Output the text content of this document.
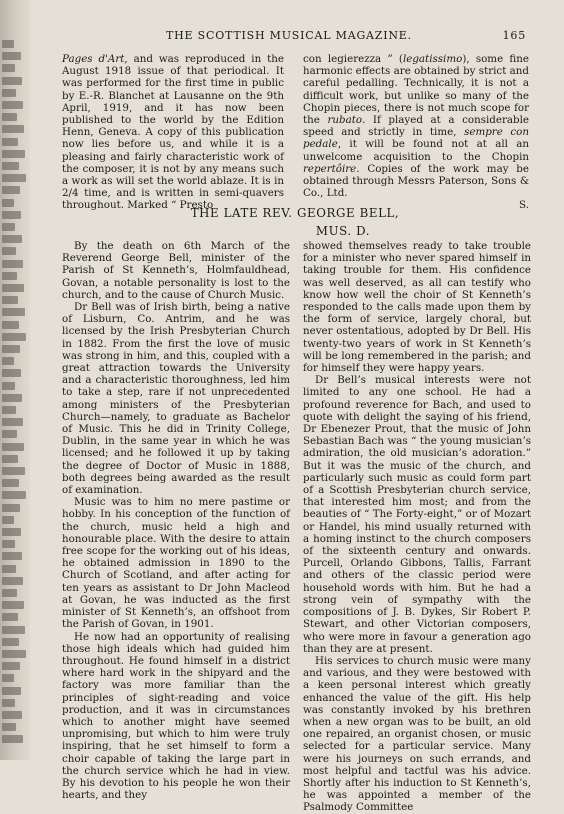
THE SCOTTISH MUSICAL MAGAZINE.	165

Pages d'Art, and was reproduced in the August 1918 issue of that periodical. It was performed for the first time in public by E.-R. Blanchet at Lausanne on the 9th April, 1919, and it has now been published to the world by the Edition Henn, Geneva. A copy of this publication now lies before us, and while it is a pleasing and fairly characteristic work of the composer, it is not by any means such a work as will set the world ablaze. It is in 2/4 time, and is written in semi-quavers throughout. Marked “ Presto

con legierezza ” (legatissimo), some fine harmonic effects are obtained by strict and careful pedalling. Technically, it is not a difficult work, but unlike so many of the Chopin pieces, there is not much scope for the rubato. If played at a considerable speed and strictly in time, sempre con pedale, it will be found not at all an unwelcome acquisition to the Chopin repertôire. Copies of the work may be obtained through Messrs Paterson, Sons & Co., Ltd.

S.

THE LATE REV. GEORGE BELL,
MUS. D.

By the death on 6th March of the Reverend George Bell, minister of the Parish of St Kenneth’s, Holmfauldhead, Govan, a notable personality is lost to the church, and to the cause of Church Music.

Dr Bell was of Irish birth, being a native of Lisburn, Co. Antrim, and he was licensed by the Irish Presbyterian Church in 1882. From the first the love of music was strong in him, and this, coupled with a great attraction towards the University and a characteristic thoroughness, led him to take a step, rare if not unprecedented among ministers of the Presbyterian Church—namely, to graduate as Bachelor of Music. This he did in Trinity College, Dublin, in the same year in which he was licensed; and he followed it up by taking the degree of Doctor of Music in 1888, both degrees being awarded as the result of examination.

Music was to him no mere pastime or hobby. In his conception of the function of the church, music held a high and honourable place. With the desire to attain free scope for the working out of his ideas, he obtained admission in 1890 to the Church of Scotland, and after acting for ten years as assistant to Dr John Macleod at Govan, he was inducted as the first minister of St Kenneth’s, an offshoot from the Parish of Govan, in 1901.

He now had an opportunity of realising those high ideals which had guided him throughout. He found himself in a district where hard work in the shipyard and the factory was more familiar than the principles of sight-reading and voice production, and it was in circumstances which to another might have seemed unpromising, but which to him were truly inspiring, that he set himself to form a choir capable of taking the large part in the church service which he had in view. By his devotion to his people he won their hearts, and they

showed themselves ready to take trouble for a minister who never spared himself in taking trouble for them. His confidence was well deserved, as all can testify who know how well the choir of St Kenneth’s responded to the calls made upon them by the form of service, largely choral, but never ostentatious, adopted by Dr Bell. His twenty-two years of work in St Kenneth’s will be long remembered in the parish; and for himself they were happy years.

Dr Bell’s musical interests were not limited to any one school. He had a profound reverence for Bach, and used to quote with delight the saying of his friend, Dr Ebenezer Prout, that the music of John Sebastian Bach was “ the young musician’s admiration, the old musician’s adoration.” But it was the music of the church, and particularly such music as could form part of a Scottish Presbyterian church service, that interested him most; and from the beauties of “ The Forty-eight,” or of Mozart or Handel, his mind usually returned with a homing instinct to the church composers of the sixteenth century and onwards. Purcell, Orlando Gibbons, Tallis, Farrant and others of the classic period were household words with him. But he had a strong vein of sympathy with the compositions of J. B. Dykes, Sir Robert P. Stewart, and other Victorian composers, who were more in favour a generation ago than they are at present.

His services to church music were many and various, and they were bestowed with a keen personal interest which greatly enhanced the value of the gift. His help was constantly invoked by his brethren when a new organ was to be built, an old one repaired, an organist chosen, or music selected for a particular service. Many were his journeys on such errands, and most helpful and tactful was his advice. Shortly after his induction to St Kenneth’s, he was appointed a member of the Psalmody Committee
